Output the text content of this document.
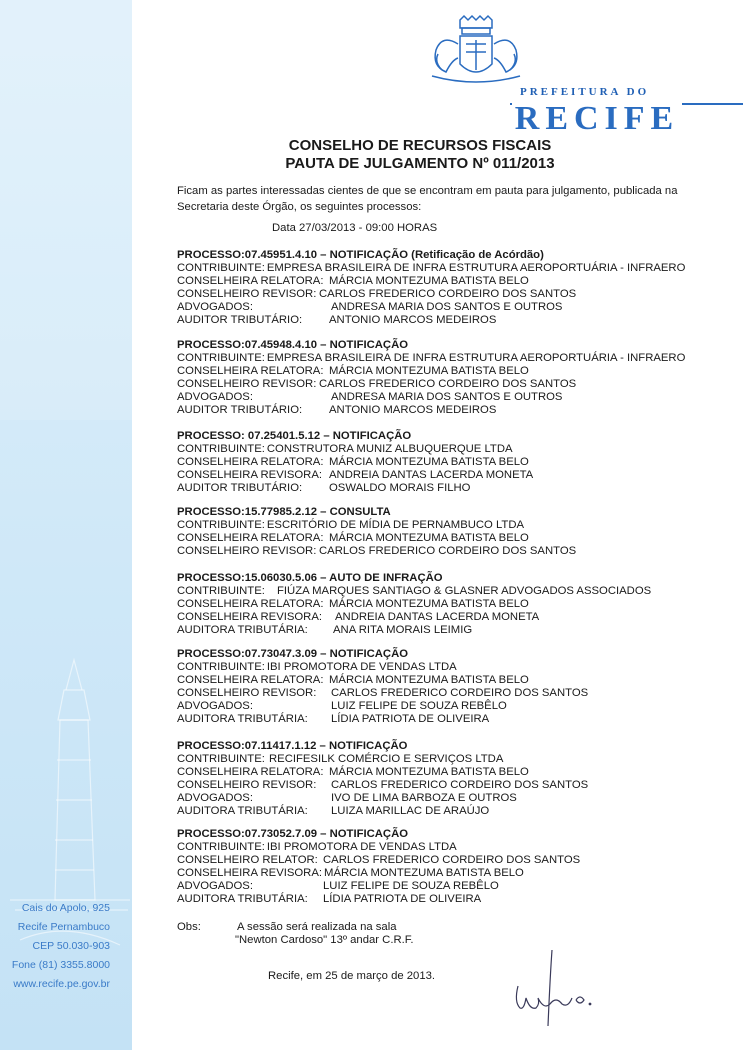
Cais do Apolo, 925
Recife Pernambuco
CEP 50.030-903
Fone (81) 3355.8000
www.recife.pe.gov.br
PREFEITURA DO
RECIFE
CONSELHO DE RECURSOS FISCAIS
PAUTA DE JULGAMENTO Nº 011/2013
Ficam as partes interessadas cientes de que se encontram em pauta para julgamento, publicada na Secretaria deste Órgão, os seguintes processos:
Data 27/03/2013 - 09:00 HORAS
PROCESSO:07.45951.4.10 – NOTIFICAÇÃO (Retificação de Acórdão)
CONTRIBUINTE: EMPRESA BRASILEIRA DE INFRA ESTRUTURA AEROPORTUÁRIA - INFRAERO
CONSELHEIRA RELATORA: MÁRCIA MONTEZUMA BATISTA BELO
CONSELHEIRO REVISOR: CARLOS FREDERICO CORDEIRO DOS SANTOS
ADVOGADOS:	ANDRESA MARIA DOS SANTOS E OUTROS
AUDITOR TRIBUTÁRIO: ANTONIO MARCOS MEDEIROS
PROCESSO:07.45948.4.10 – NOTIFICAÇÃO
CONTRIBUINTE: EMPRESA BRASILEIRA DE INFRA ESTRUTURA AEROPORTUÁRIA - INFRAERO
CONSELHEIRA RELATORA: MÁRCIA MONTEZUMA BATISTA BELO
CONSELHEIRO REVISOR: CARLOS FREDERICO CORDEIRO DOS SANTOS
ADVOGADOS:	ANDRESA MARIA DOS SANTOS E OUTROS
AUDITOR TRIBUTÁRIO: ANTONIO MARCOS MEDEIROS
PROCESSO: 07.25401.5.12 – NOTIFICAÇÃO
CONTRIBUINTE: CONSTRUTORA MUNIZ ALBUQUERQUE LTDA
CONSELHEIRA RELATORA: MÁRCIA MONTEZUMA BATISTA BELO
CONSELHEIRA REVISORA: ANDREIA DANTAS LACERDA MONETA
AUDITOR TRIBUTÁRIO: OSWALDO MORAIS FILHO
PROCESSO:15.77985.2.12 – CONSULTA
CONTRIBUINTE: ESCRITÓRIO DE MÍDIA DE PERNAMBUCO LTDA
CONSELHEIRA RELATORA: MÁRCIA MONTEZUMA BATISTA BELO
CONSELHEIRO REVISOR: CARLOS FREDERICO CORDEIRO DOS SANTOS
PROCESSO:15.06030.5.06 – AUTO DE INFRAÇÃO
CONTRIBUINTE: FIÚZA MARQUES SANTIAGO & GLASNER ADVOGADOS ASSOCIADOS
CONSELHEIRA RELATORA: MÁRCIA MONTEZUMA BATISTA BELO
CONSELHEIRA REVISORA: ANDREIA DANTAS LACERDA MONETA
AUDITORA TRIBUTÁRIA: ANA RITA MORAIS LEIMIG
PROCESSO:07.73047.3.09 – NOTIFICAÇÃO
CONTRIBUINTE: IBI PROMOTORA DE VENDAS LTDA
CONSELHEIRA RELATORA: MÁRCIA MONTEZUMA BATISTA BELO
CONSELHEIRO REVISOR: CARLOS FREDERICO CORDEIRO DOS SANTOS
ADVOGADOS:	LUIZ FELIPE DE SOUZA REBÊLO
AUDITORA TRIBUTÁRIA: LÍDIA PATRIOTA DE OLIVEIRA
PROCESSO:07.11417.1.12 – NOTIFICAÇÃO
CONTRIBUINTE: RECIFESILK COMÉRCIO E SERVIÇOS LTDA
CONSELHEIRA RELATORA: MÁRCIA MONTEZUMA BATISTA BELO
CONSELHEIRO REVISOR: CARLOS FREDERICO CORDEIRO DOS SANTOS
ADVOGADOS:	IVO DE LIMA BARBOZA E OUTROS
AUDITORA TRIBUTÁRIA: LUIZA MARILLAC DE ARAÚJO
PROCESSO:07.73052.7.09 – NOTIFICAÇÃO
CONTRIBUINTE: IBI PROMOTORA DE VENDAS LTDA
CONSELHEIRO RELATOR: CARLOS FREDERICO CORDEIRO DOS SANTOS
CONSELHEIRA REVISORA: MÁRCIA MONTEZUMA BATISTA BELO
ADVOGADOS:	LUIZ FELIPE DE SOUZA REBÊLO
AUDITORA TRIBUTÁRIA: LÍDIA PATRIOTA DE OLIVEIRA
Obs:	A sessão será realizada na sala
"Newton Cardoso" 13º andar C.R.F.
Recife, em 25 de março de 2013.
